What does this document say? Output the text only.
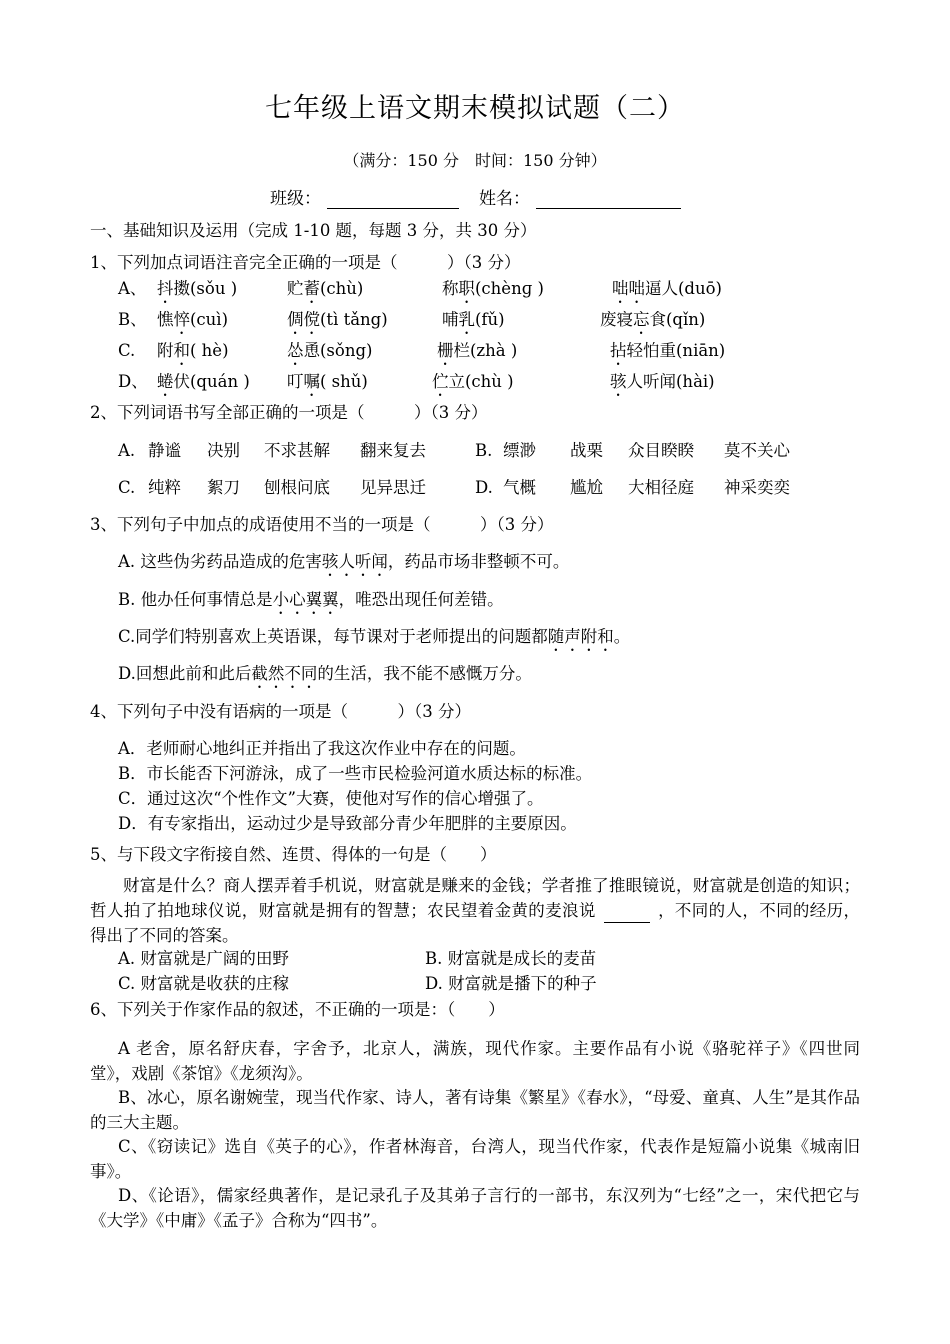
七年级上语文期末模拟试题（二）
（满分：150 分　时间：150 分钟）
班级：	姓名：
一、基础知识及运用（完成 1-10 题，每题 3 分，共 30 分）
1、下列加点词语注音完全正确的一项是（　　　）（3 分）
A、 抖擞(sǒu )	贮蓄(chù)	称职(chènɡ )	咄咄逼人(duō)
B、 憔悴(cuì)	倜傥(tì tǎng)	哺乳(fǔ)	废寝忘食(qǐn)
C. 附和( hè)	怂恿(sǒng)	栅栏(zhà )	拈轻怕重(niān)
D、 蜷伏(quán ) 叮嘱( shǔ)	伫立(chù )	骇人听闻(hài)
2、下列词语书写全部正确的一项是（　　　）（3 分）
A. 静谧 决别 不求甚解 翻来复去	B. 缥渺 战栗 众目睽睽 莫不关心
C. 纯粹 絮刀 刨根问底 见异思迁	D. 气概 尴尬 大相径庭 神采奕奕
3、下列句子中加点的成语使用不当的一项是（　　　）（3 分）
A. 这些伪劣药品造成的危害骇人听闻，药品市场非整顿不可。
B. 他办任何事情总是小心翼翼，唯恐出现任何差错。
C.同学们特别喜欢上英语课，每节课对于老师提出的问题都随声附和。
D.回想此前和此后截然不同的生活，我不能不感慨万分。
4、下列句子中没有语病的一项是（　　　）（3 分）
A．老师耐心地纠正并指出了我这次作业中存在的问题。
B．市长能否下河游泳，成了一些市民检验河道水质达标的标准。
C．通过这次“个性作文”大赛，使他对写作的信心增强了。
D．有专家指出，运动过少是导致部分青少年肥胖的主要原因。
5、与下段文字衔接自然、连贯、得体的一句是（　　）
财富是什么？商人摆弄着手机说，财富就是赚来的金钱；学者推了推眼镜说，财富就是创造的知识；哲人拍了拍地球仪说，财富就是拥有的智慧；农民望着金黄的麦浪说	，不同的人，不同的经历，得出了不同的答案。
A. 财富就是广阔的田野	B. 财富就是成长的麦苗
C. 财富就是收获的庄稼	D. 财富就是播下的种子
6、下列关于作家作品的叙述，不正确的一项是：（　　）
A 老舍，原名舒庆春，字舍予，北京人，满族，现代作家。主要作品有小说《骆驼祥子》《四世同堂》，戏剧《茶馆》《龙须沟》。
B、冰心，原名谢婉莹，现当代作家、诗人，著有诗集《繁星》《春水》，“母爱、童真、人生”是其作品的三大主题。
C、《窃读记》选自《英子的心》，作者林海音，台湾人，现当代作家，代表作是短篇小说集《城南旧事》。
D、《论语》，儒家经典著作，是记录孔子及其弟子言行的一部书，东汉列为“七经”之一，宋代把它与《大学》《中庸》《孟子》合称为“四书”。
